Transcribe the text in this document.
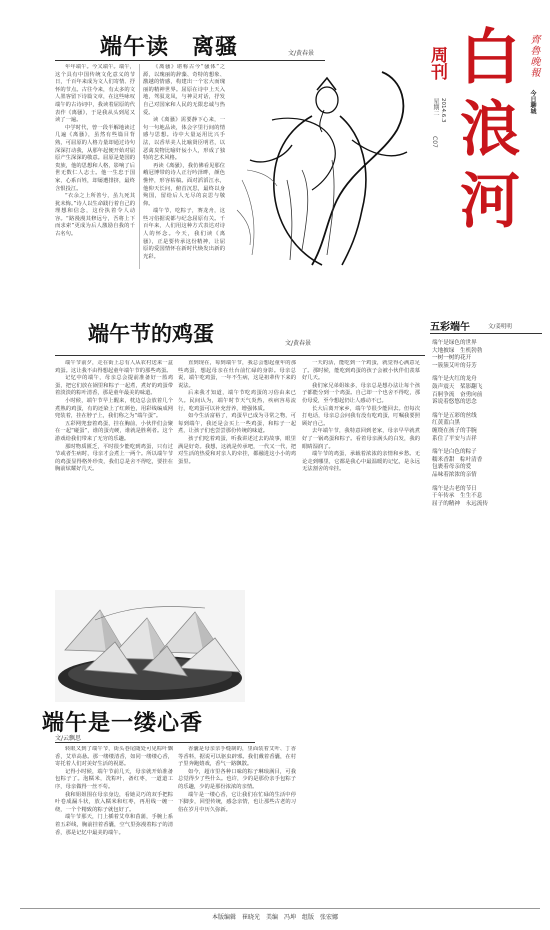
白
浪
河
周刊	齊魯晚報
今日聊城
星期二 2014.6.3
C07
端午读　离骚	文/黄春景

年年端午。今又端午。端午，这个具有中国传统文化意义的节日，千百年来成为文人们寄情、抒怀的节点。古往今来，有太多的文人墨客留下诗篇文章，在这些咏叹端午的古诗词中，我读着屈原的代表作《离骚》，于是我从头到尾又读了一遍。

中学时代，曾一段半解地读过几遍《离骚》，虽然有些篇目背熟，可屈原的人格力量却通过诗句深深打动我，从那年起便开始对屈原产生深深的敬意。屈原是楚国的贵族，他的思想和人格，影响了后世无数仁人志士。他一生忠于国家，心系百姓，却屡遭排挤，最终含恨投江。

“衣余之上所善兮，虽九死其犹未悔。”诗人以生命践行着自己的理想和信念，这份执着令人动容。“路漫漫其修远兮，吾将上下而求索”更成为后人激励自我的千古名句。

《离骚》堪称古今“骚体”之源，以瑰丽的辞藻、奇特的想象、激越的情感，构建出一个宏大而瑰丽的精神世界。屈原在诗中上天入地，驾驭龙凤，与神灵对话，抒发自己对国家和人民的无限忠诚与热爱。

读《离骚》需要静下心来，一句一句地品读，体会字里行间的情感与思想。诗中大量运用比兴手法，以香草美人比喻贤臣明君，以恶禽臭物比喻奸佞小人，形成了独特的艺术风格。

再读《离骚》，我仿佛看见那位峨冠博带的诗人正行吟泽畔，颜色憔悴，形容枯槁。面对滔滔江水，他仰天长问，俯首沉思，最终以身殉国，留给后人无尽的哀思与敬仰。

端午节，吃粽子，赛龙舟，这些习俗据说都与纪念屈原有关。千百年来，人们用这种方式表达对诗人的怀念。今天，我们读《离骚》，正是要传承这份精神，让屈原的爱国情怀在新时代焕发出新的光彩。

五彩端午	文/姜明明
端午是绿色的世界
大地披绿　生机勃勃
一树一树的花开
一簇簇艾叶的芬芳
端午是火红的龙舟
鼓声震天　桨影翻飞
百舸争流　奋勇向前
诉说着悠悠的思念
端午是五彩的丝线
红黄蓝白黑
缠绕在孩子的手腕
系住了平安与吉祥
端午是白色的粽子
糯米香甜　粽叶清香
包裹着母亲的爱
品味着浓浓的亲情
端午是古老的节日
千年传承　生生不息
屈子的精神　永远流传
端午节的鸡蛋	文/黄春景

端午节前夕，走在街上总有人从农村送来一盒鸡蛋。这让我不由得想起童年端午节的那些鸡蛋。

记忆中的端午，母亲总会提前准备好一篮鸡蛋，把它们放在锅里和粽子一起煮，煮好的鸡蛋带着淡淡的粽叶清香，那是童年最美的味道。

小时候，端午节早上醒来，枕边总会放着几个煮熟的鸡蛋，有的还染上了红颜色，用彩线编成网兜装着，挂在脖子上，我们称之为“端午蛋”。

五彩网兜套着鸡蛋，挂在胸前，小伙伴们会聚在一起“碰蛋”，谁的蛋壳硬，谁就是胜利者。这个游戏给我们带来了无穷的乐趣。

那时物质匮乏，平时很少能吃到鸡蛋，只有过节或者生病时，母亲才会煮上一两个。所以端午节的鸡蛋显得格外珍贵，我们总是舍不得吃，要挂在胸前炫耀好几天。

直到现在，每到端午节，我总会想起童年的那些鸡蛋，想起母亲在灶台前忙碌的身影。母亲总说，端午吃鸡蛋，一年不生病，这是祖辈传下来的说法。

后来我才知道，端午节吃鸡蛋的习俗由来已久。民间认为，端午时节天气炎热，疾病容易流行，吃鸡蛋可以补充营养，增强体质。

如今生活富裕了，鸡蛋早已成为寻常之物，可每到端午，我还是会买上一些鸡蛋，和粽子一起煮，让孩子们也尝尝那份传统的味道。

孩子们吃着鸡蛋，听我讲述过去的故事，眼里满是好奇。我想，这就是传承吧，一代又一代，把对生活的热爱和对亲人的牵挂，都融进这小小的鸡蛋里。

一天的活，能吃到一个鸡蛋，就觉得心满意足了。那时候，能吃到鸡蛋的孩子会被小伙伴们羡慕好几天。

我们家兄弟姐妹多，母亲总是想办法让每个孩子都能分到一个鸡蛋。自己却一个也舍不得吃，那份母爱，至今想起仍让人感动不已。

长大后离开家乡，端午节很少能回去。但每次打电话，母亲总会问我有没有吃鸡蛋，叮嘱我要照顾好自己。

去年端午节，我特意回到老家，母亲早早就煮好了一锅鸡蛋和粽子。看着母亲满头的白发，我的眼睛湿润了。

端午节的鸡蛋，承载着浓浓的亲情和乡愁。无论走到哪里，它都是我心中最温暖的记忆，是永远无法割舍的牵挂。

端午是一缕心香
文/云飘思

转眼又到了端午节，街头巷尾随处可见粽叶飘香，艾草高悬。那一缕缕清香，如同一缕缕心香，寄托着人们对美好生活的祝愿。

记得小时候，端午节前几天，母亲就开始准备包粽子了。泡糯米，洗粽叶，备红枣，一道道工序，母亲做得一丝不苟。

我和姐姐围在母亲身边，看她灵巧的双手把粽叶卷成漏斗状，放入糯米和红枣，再用线一缠一绕，一个个精致的粽子就包好了。

端午节那天，门上插着艾草和菖蒲，手腕上系着五彩线，胸前挂着香囊，空气里弥漫着粽子的清香，那是记忆中最美的端午。

香囊是母亲亲手缝制的，里面装着艾叶、丁香等香料，据说可以驱虫辟邪。我们戴着香囊，在村子里奔跑嬉戏，香气一路飘散。

如今，超市里各种口味的粽子琳琅满目，可我总觉得少了些什么。也许，少的是那份亲手包粽子的乐趣，少的是那份浓浓的亲情。

端午是一缕心香，它让我们在忙碌的生活中停下脚步，回望传统，感念亲情，也让那些古老的习俗在岁月中历久弥新。

本版编辑　崔晓光　美编　冯坤　组版　张宏娜
